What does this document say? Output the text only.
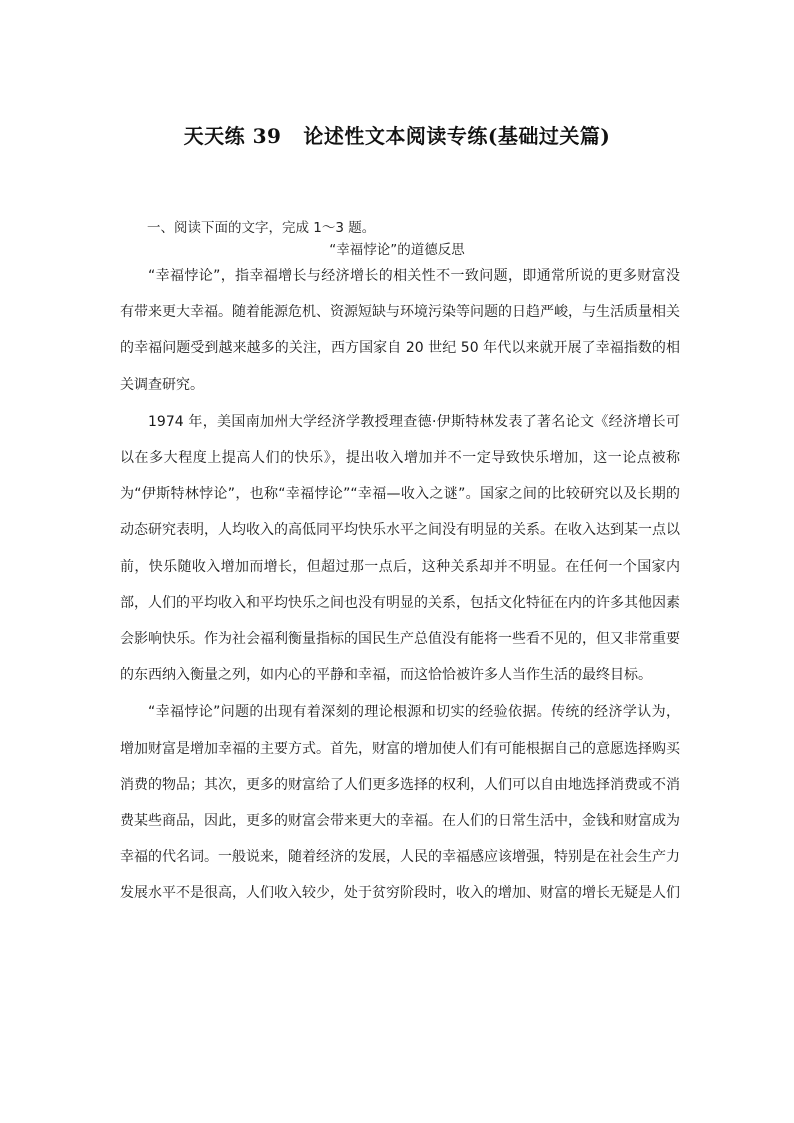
天天练 39 论述性文本阅读专练(基础过关篇)
一、阅读下面的文字，完成 1～3 题。
“幸福悖论”的道德反思

“幸福悖论”，指幸福增长与经济增长的相关性不一致问题，即通常所说的更多财富没有带来更大幸福。随着能源危机、资源短缺与环境污染等问题的日趋严峻，与生活质量相关的幸福问题受到越来越多的关注，西方国家自 20 世纪 50 年代以来就开展了幸福指数的相关调查研究。

1974 年，美国南加州大学经济学教授理查德·伊斯特林发表了著名论文《经济增长可以在多大程度上提高人们的快乐》，提出收入增加并不一定导致快乐增加，这一论点被称为“伊斯特林悖论”，也称“幸福悖论”“幸福—收入之谜”。国家之间的比较研究以及长期的动态研究表明，人均收入的高低同平均快乐水平之间没有明显的关系。在收入达到某一点以前，快乐随收入增加而增长，但超过那一点后，这种关系却并不明显。在任何一个国家内部，人们的平均收入和平均快乐之间也没有明显的关系，包括文化特征在内的许多其他因素会影响快乐。作为社会福利衡量指标的国民生产总值没有能将一些看不见的，但又非常重要的东西纳入衡量之列，如内心的平静和幸福，而这恰恰被许多人当作生活的最终目标。

“幸福悖论”问题的出现有着深刻的理论根源和切实的经验依据。传统的经济学认为，增加财富是增加幸福的主要方式。首先，财富的增加使人们有可能根据自己的意愿选择购买消费的物品；其次，更多的财富给了人们更多选择的权利，人们可以自由地选择消费或不消费某些商品，因此，更多的财富会带来更大的幸福。在人们的日常生活中，金钱和财富成为幸福的代名词。一般说来，随着经济的发展，人民的幸福感应该增强，特别是在社会生产力发展水平不是很高，人们收入较少，处于贫穷阶段时，收入的增加、财富的增长无疑是人们
